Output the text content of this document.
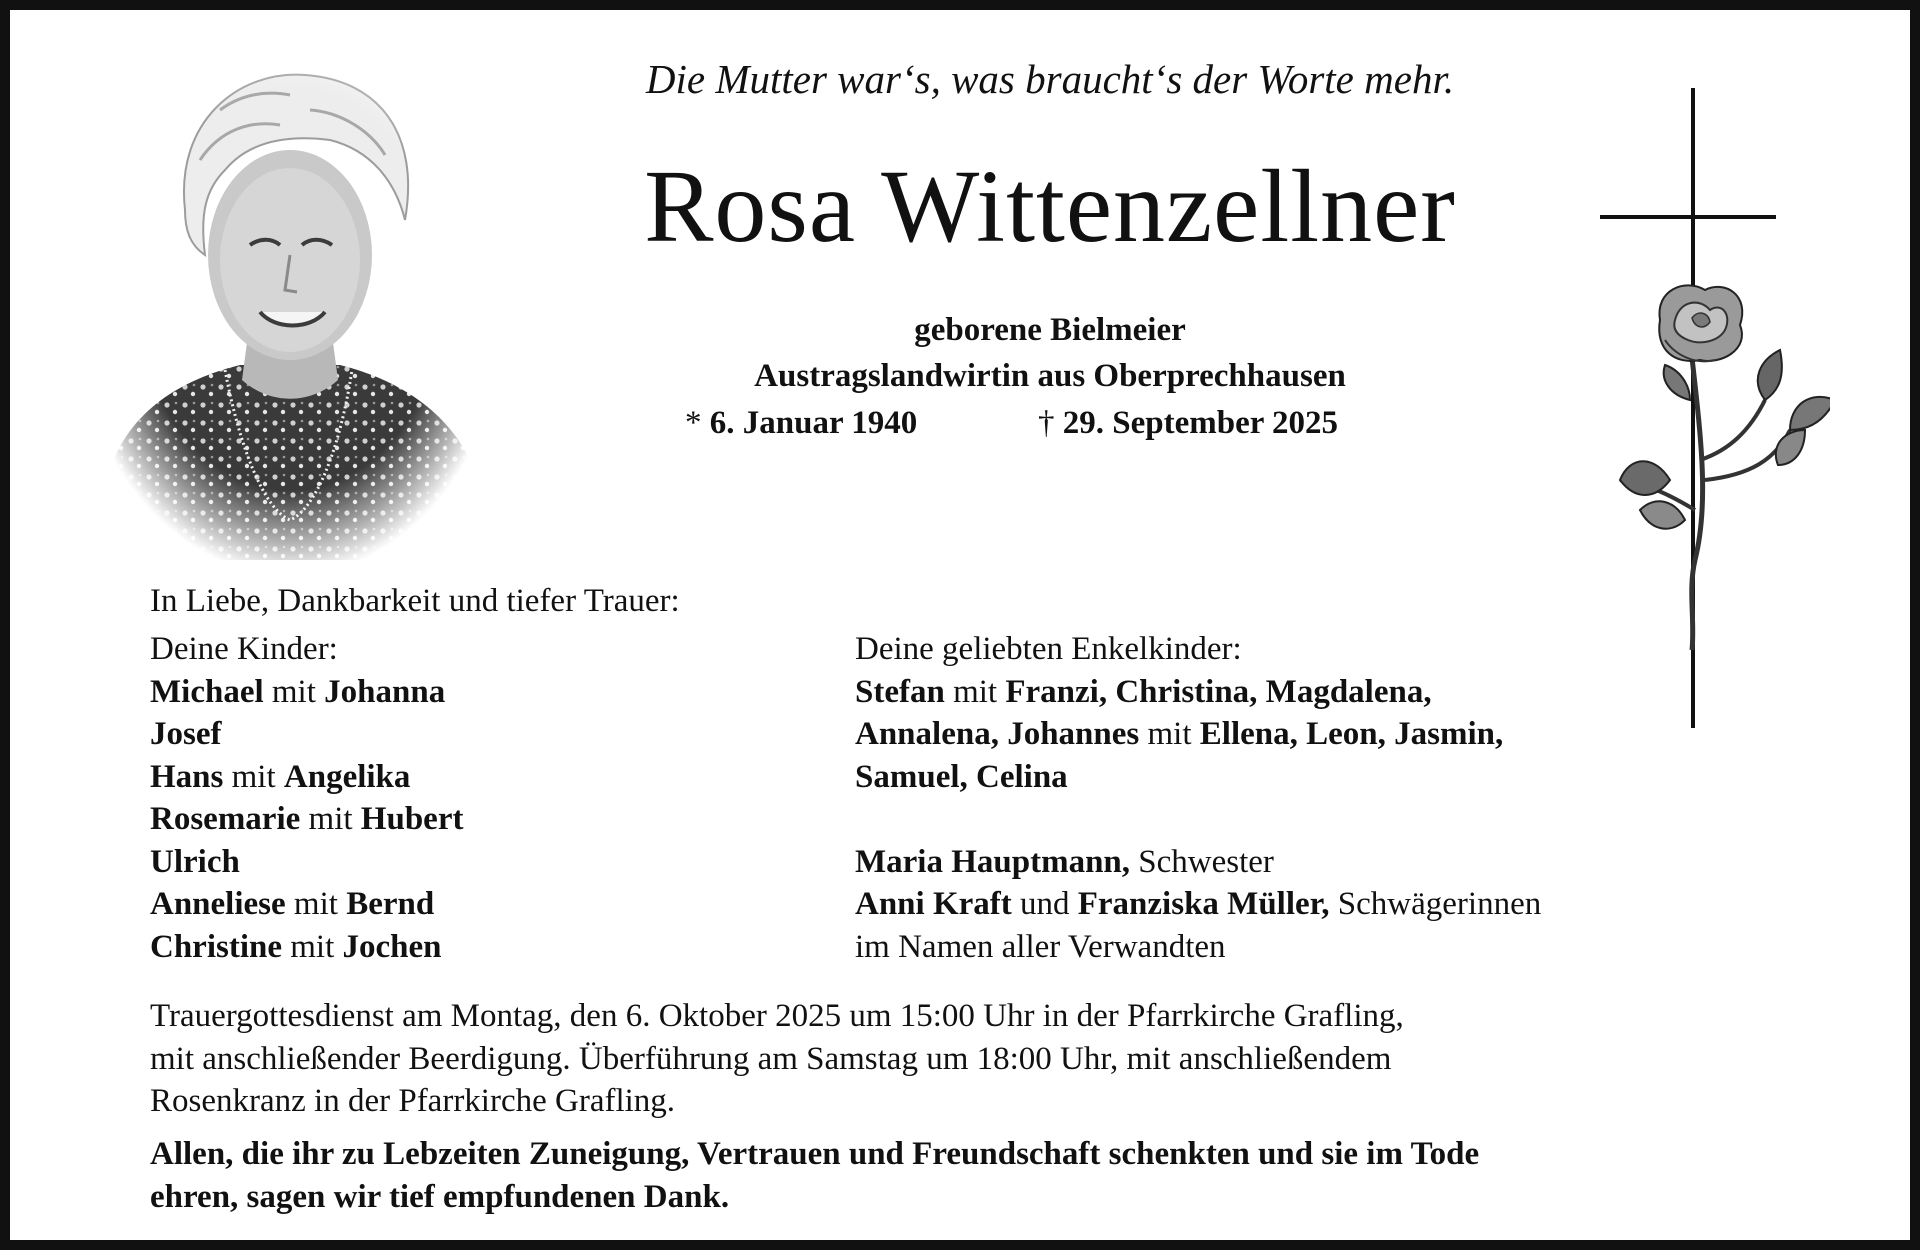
Die Mutter war‘s, was braucht‘s der Worte mehr.
Rosa Wittenzellner
geborene Bielmeier
Austragslandwirtin aus Oberprechhausen
* 6. Januar 1940	† 29. September 2025
In Liebe, Dankbarkeit und tiefer Trauer:
Deine Kinder:
Michael mit Johanna
Josef
Hans mit Angelika
Rosemarie mit Hubert
Ulrich
Anneliese mit Bernd
Christine mit Jochen
Deine geliebten Enkelkinder:
Stefan mit Franzi, Christina, Magdalena,
Annalena, Johannes mit Ellena, Leon, Jasmin,
Samuel, Celina
Maria Hauptmann, Schwester
Anni Kraft und Franziska Müller, Schwägerinnen
im Namen aller Verwandten
Trauergottesdienst am Montag, den 6. Oktober 2025 um 15:00 Uhr in der Pfarrkirche Grafling,
mit anschließender Beerdigung. Überführung am Samstag um 18:00 Uhr, mit anschließendem
Rosenkranz in der Pfarrkirche Grafling.
Allen, die ihr zu Lebzeiten Zuneigung, Vertrauen und Freundschaft schenkten und sie im Tode
ehren, sagen wir tief empfundenen Dank.
